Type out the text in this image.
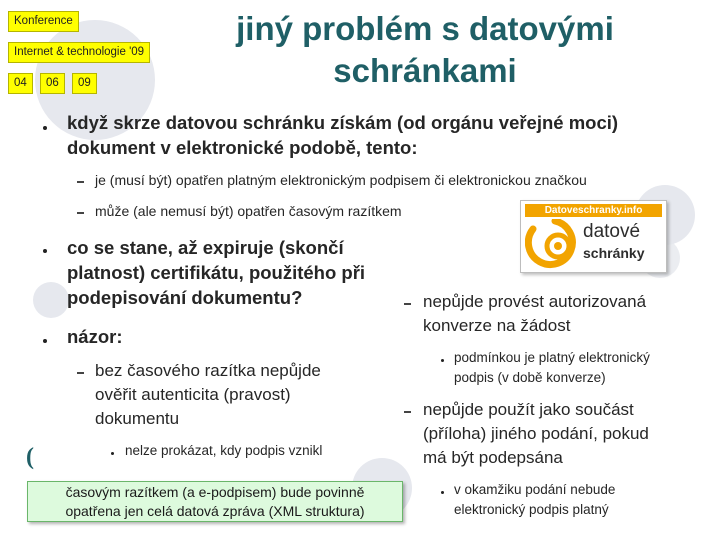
Konference
Internet & technologie '09
04	06	09
jiný problém s datovými
schránkami
když skrze datovou schránku získám (od orgánu veřejné moci)
dokument v elektronické podobě, tento:
je (musí být) opatřen platným elektronickým podpisem či elektronickou značkou
může (ale nemusí být) opatřen časovým razítkem	Datoveschranky.info
datové
schránky
co se stane, až expiruje (skončí
platnost) certifikátu, použitého při
podepisování dokumentu?
názor:
bez časového razítka nepůjde
ověřit autenticita (pravost)
dokumentu
nelze prokázat, kdy podpis vznikl
nepůjde provést autorizovaná
konverze na žádost
podmínkou je platný elektronický
podpis (v době konverze)
nepůjde použít jako součást
(příloha) jiného podání, pokud
má být podepsána
v okamžiku podání nebude
elektronický podpis platný
(
časovým razítkem (a e-podpisem) bude povinně
opatřena jen celá datová zpráva (XML struktura)
